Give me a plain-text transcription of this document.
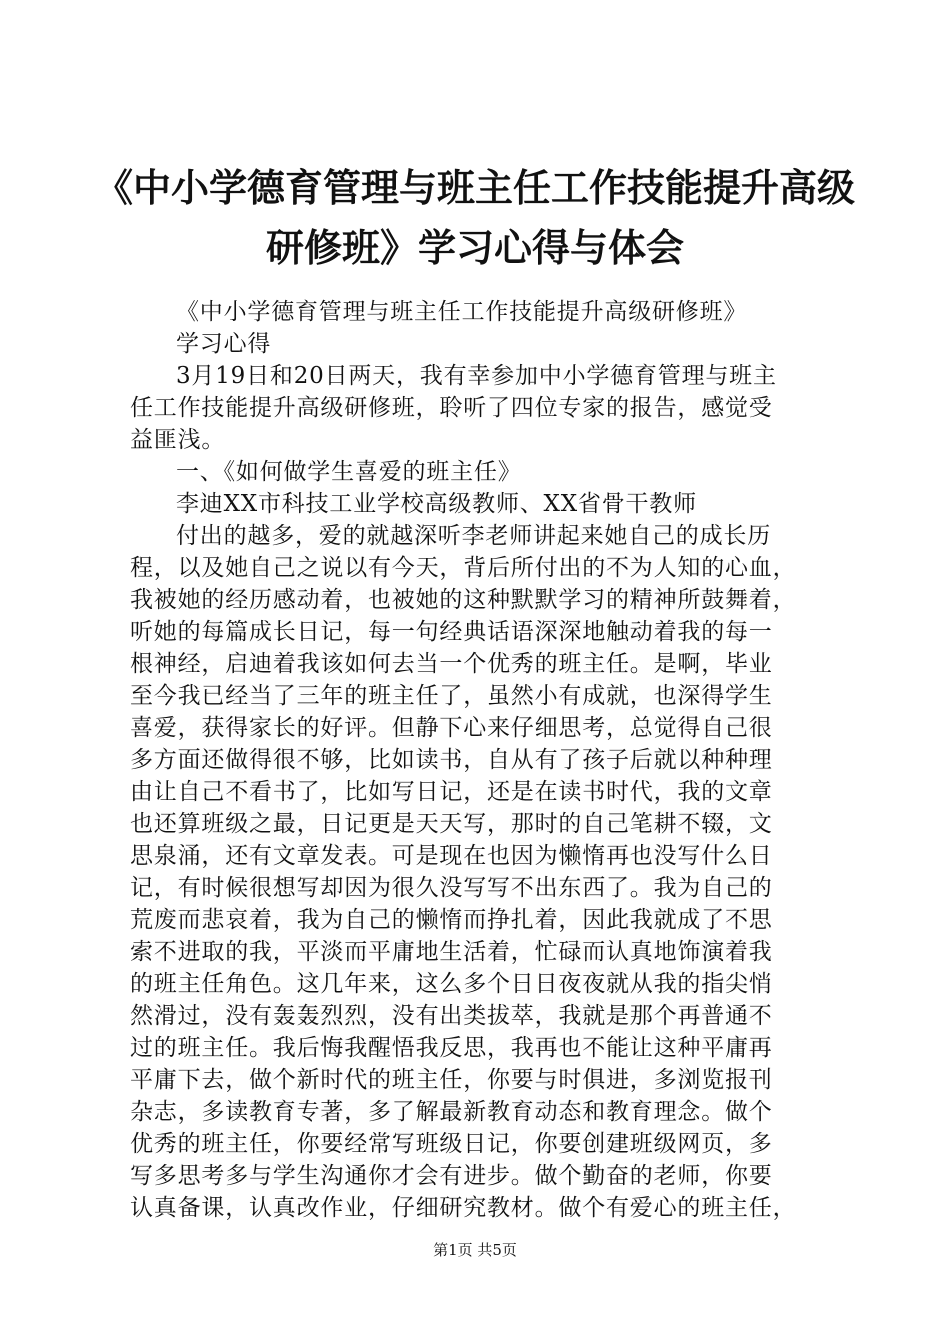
《中小学德育管理与班主任工作技能提升高级
研修班》学习心得与体会
《中小学德育管理与班主任工作技能提升高级研修班》
学习心得
3月19日和20日两天，我有幸参加中小学德育管理与班主
任工作技能提升高级研修班，聆听了四位专家的报告，感觉受
益匪浅。
一、《如何做学生喜爱的班主任》
李迪XX市科技工业学校高级教师、XX省骨干教师
付出的越多，爱的就越深听李老师讲起来她自己的成长历
程，以及她自己之说以有今天，背后所付出的不为人知的心血，
我被她的经历感动着，也被她的这种默默学习的精神所鼓舞着，
听她的每篇成长日记，每一句经典话语深深地触动着我的每一
根神经，启迪着我该如何去当一个优秀的班主任。是啊，毕业
至今我已经当了三年的班主任了，虽然小有成就，也深得学生
喜爱，获得家长的好评。但静下心来仔细思考，总觉得自己很
多方面还做得很不够，比如读书，自从有了孩子后就以种种理
由让自己不看书了，比如写日记，还是在读书时代，我的文章
也还算班级之最，日记更是天天写，那时的自己笔耕不辍，文
思泉涌，还有文章发表。可是现在也因为懒惰再也没写什么日
记，有时候很想写却因为很久没写写不出东西了。我为自己的
荒废而悲哀着，我为自己的懒惰而挣扎着，因此我就成了不思
索不进取的我，平淡而平庸地生活着，忙碌而认真地饰演着我
的班主任角色。这几年来，这么多个日日夜夜就从我的指尖悄
然滑过，没有轰轰烈烈，没有出类拔萃，我就是那个再普通不
过的班主任。我后悔我醒悟我反思，我再也不能让这种平庸再
平庸下去，做个新时代的班主任，你要与时俱进，多浏览报刊
杂志，多读教育专著，多了解最新教育动态和教育理念。做个
优秀的班主任，你要经常写班级日记，你要创建班级网页，多
写多思考多与学生沟通你才会有进步。做个勤奋的老师，你要
认真备课，认真改作业，仔细研究教材。做个有爱心的班主任，
第1页 共5页
